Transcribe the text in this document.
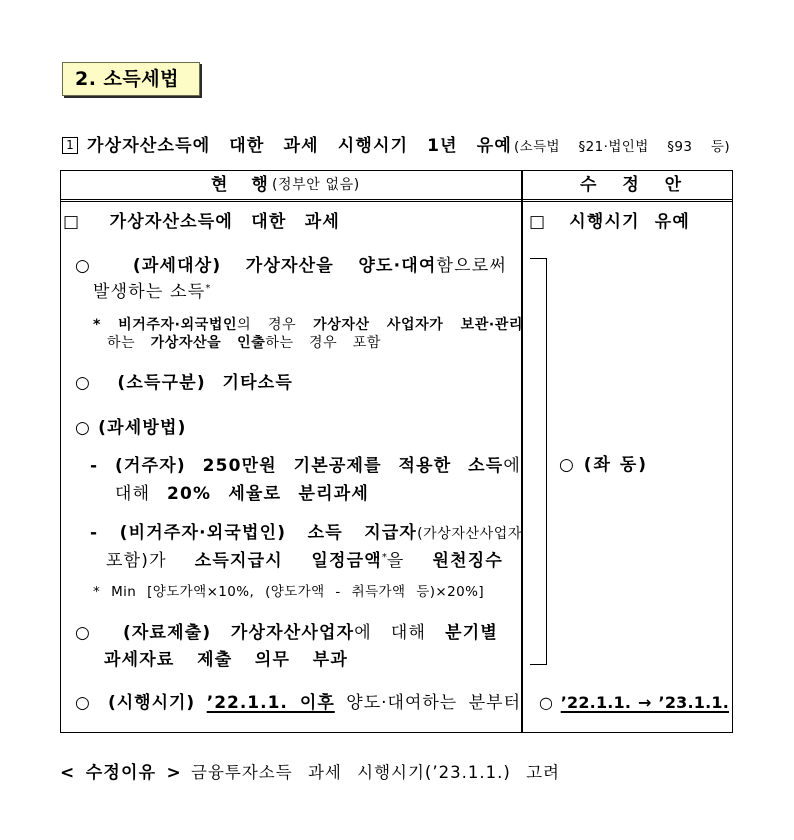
2. 소득세법
1 가상자산소득에 대한 과세 시행시기 1년 유예 (소득법 §21·법인법 §93 등)
현 행
(정부안 없음)	수 정 안
□ 가상자산소득에 대한 과세
○ (과세대상) 가상자산을 양도·대여함으로써
발생하는 소득*
* 비거주자·외국법인의 경우 가상자산 사업자가 보관·관리
하는 가상자산을 인출하는 경우 포함
○ (소득구분) 기타소득
○ (과세방법)
- (거주자) 250만원 기본공제를 적용한 소득에
대해 20% 세율로 분리과세
- (비거주자·외국법인) 소득 지급자(가상자산사업자
포함)가 소득지급시 일정금액*을 원천징수
* Min [양도가액×10%, (양도가액 - 취득가액 등)×20%]
○ (자료제출) 가상자산사업자에 대해 분기별
과세자료 제출 의무 부과
○ (시행시기) ’22.1.1. 이후 양도·대여하는 분부터
□ 시행시기 유예
○ (좌 동)
○ ’22.1.1. → ’23.1.1.
< 수정이유 > 금융투자소득 과세 시행시기(’23.1.1.) 고려
